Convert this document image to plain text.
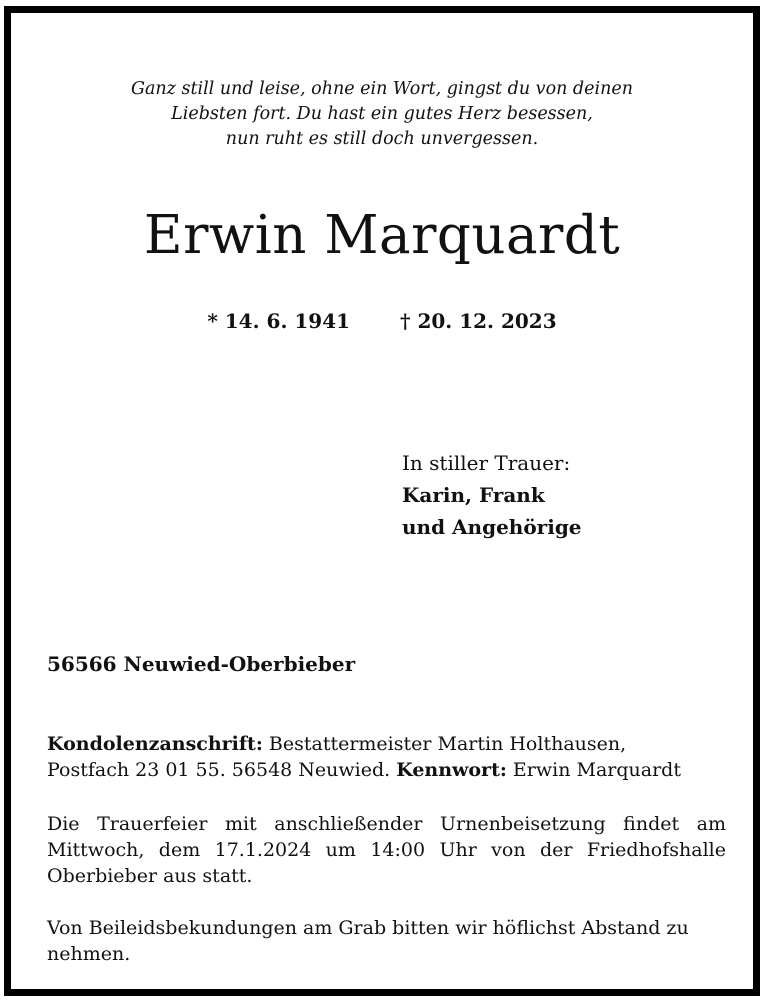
Ganz still und leise, ohne ein Wort, gingst du von deinen
Liebsten fort. Du hast ein gutes Herz besessen,
nun ruht es still doch unvergessen.
Erwin Marquardt
* 14. 6. 1941	† 20. 12. 2023
In stiller Trauer:
Karin, Frank
und Angehörige
56566 Neuwied-Oberbieber
Kondolenzanschrift: Bestattermeister Martin Holthausen,
Postfach 23 01 55. 56548 Neuwied. Kennwort: Erwin Marquardt
Die Trauerfeier mit anschließender Urnenbeisetzung findet am Mittwoch, dem 17.1.2024 um 14:00 Uhr von der Friedhofshalle Oberbieber aus statt.
Von Beileidsbekundungen am Grab bitten wir höflichst Abstand zu nehmen.
